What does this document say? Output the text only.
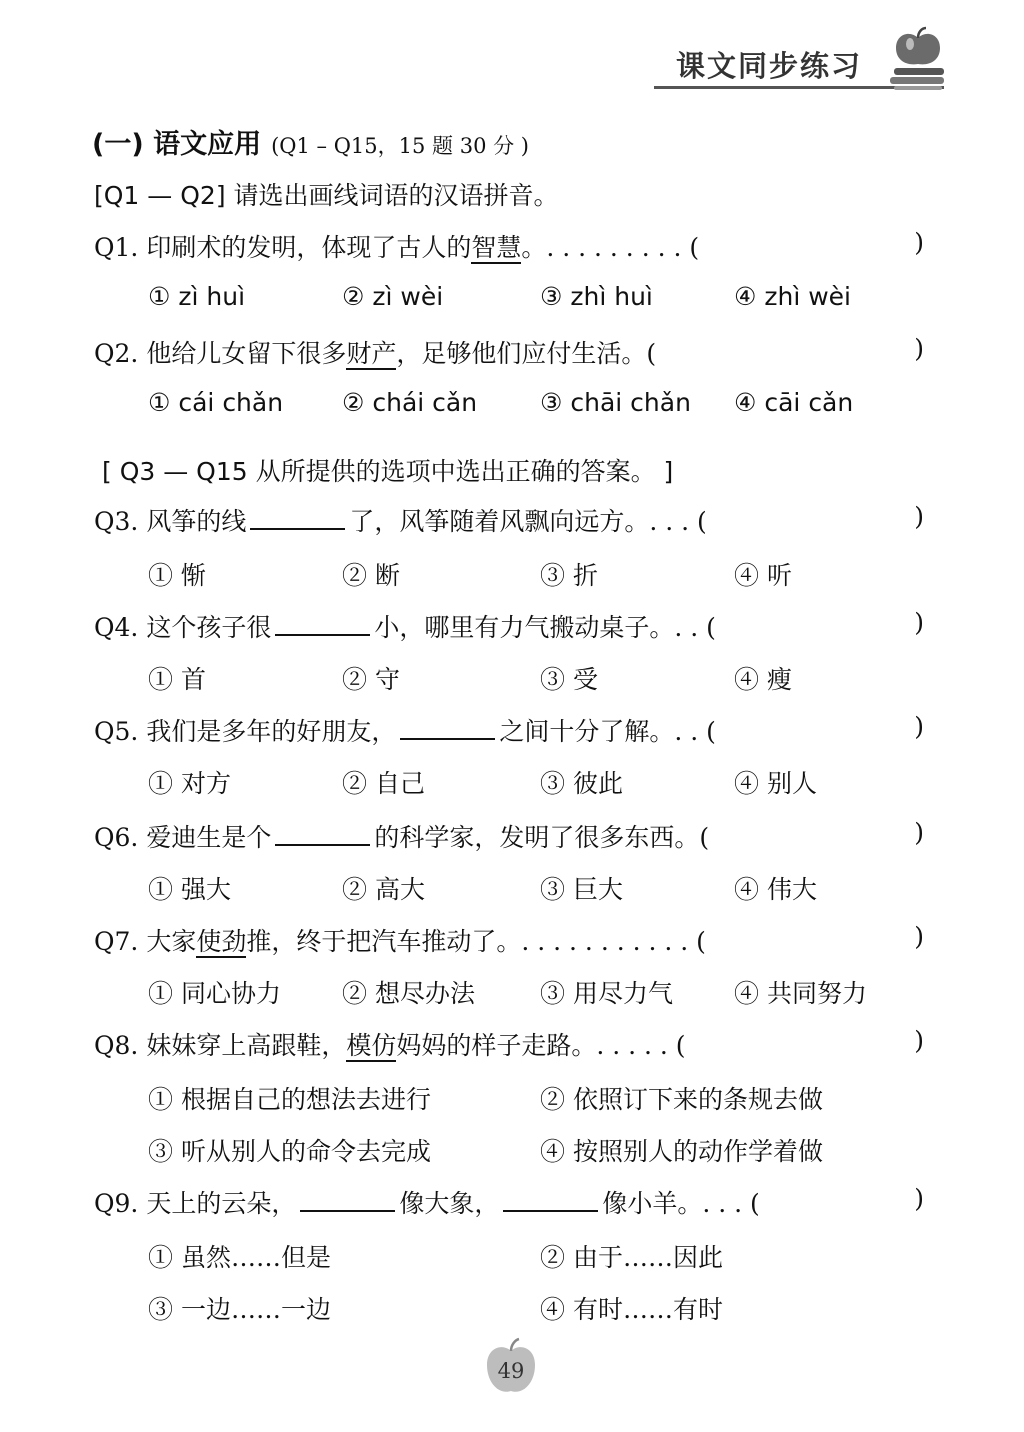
课文同步练习
(一) 语文应用 (Q1 – Q15，15 题 30 分 )
[Q1 — Q2] 请选出画线词语的汉语拼音。
Q1. 印刷术的发明，体现了古人的智慧。. . . . . . . . . (	)
① zì huì	② zì wèi	③ zhì huì	④ zhì wèi
Q2. 他给儿女留下很多财产，足够他们应付生活。(	)
① cái chǎn ② chái cǎn	③ chāi chǎn ④ cāi cǎn
[ Q3 — Q15 从所提供的选项中选出正确的答案。 ]
Q3. 风筝的线	了，风筝随着风飘向远方。. . . (	)
① 惭	② 断	③ 折	④ 听
Q4. 这个孩子很	小，哪里有力气搬动桌子。. . (	)
① 首	② 守	③ 受	④ 瘦
Q5. 我们是多年的好朋友，	之间十分了解。. . (	)
① 对方	② 自己	③ 彼此	④ 别人
Q6. 爱迪生是个	的科学家，发明了很多东西。(	)
① 强大	② 高大	③ 巨大	④ 伟大
Q7. 大家使劲推，终于把汽车推动了。. . . . . . . . . . . (	)
① 同心协力 ② 想尽办法	③ 用尽力气 ④ 共同努力
Q8. 妹妹穿上高跟鞋，模仿妈妈的样子走路。. . . . . (	)
① 根据自己的想法去进行	② 依照订下来的条规去做
③ 听从别人的命令去完成	④ 按照别人的动作学着做
Q9. 天上的云朵，	像大象，	像小羊。. . . (	)
① 虽然……但是	② 由于……因此
③ 一边……一边	④ 有时……有时
49
